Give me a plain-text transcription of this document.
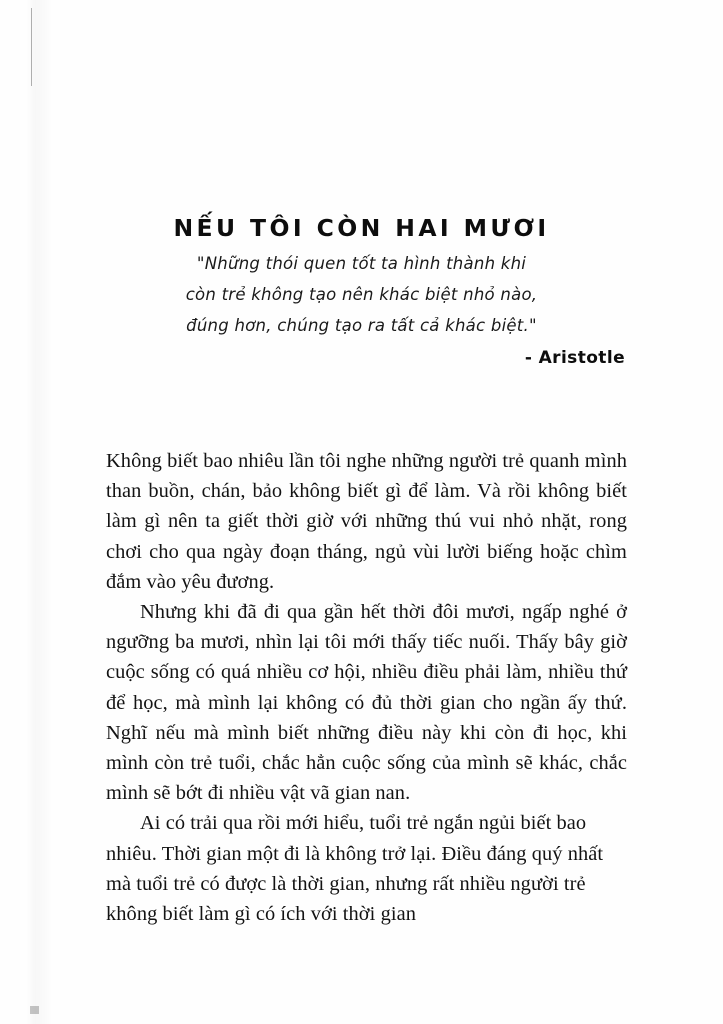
NẾU TÔI CÒN HAI MƯƠI
"Những thói quen tốt ta hình thành khi
còn trẻ không tạo nên khác biệt nhỏ nào,
đúng hơn, chúng tạo ra tất cả khác biệt."
- Aristotle

Không biết bao nhiêu lần tôi nghe những người trẻ quanh mình than buồn, chán, bảo không biết gì để làm. Và rồi không biết làm gì nên ta giết thời giờ với những thú vui nhỏ nhặt, rong chơi cho qua ngày đoạn tháng, ngủ vùi lười biếng hoặc chìm đắm vào yêu đương.

Nhưng khi đã đi qua gần hết thời đôi mươi, ngấp nghé ở ngưỡng ba mươi, nhìn lại tôi mới thấy tiếc nuối. Thấy bây giờ cuộc sống có quá nhiều cơ hội, nhiều điều phải làm, nhiều thứ để học, mà mình lại không có đủ thời gian cho ngần ấy thứ. Nghĩ nếu mà mình biết những điều này khi còn đi học, khi mình còn trẻ tuổi, chắc hẳn cuộc sống của mình sẽ khác, chắc mình sẽ bớt đi nhiều vật vã gian nan.

Ai có trải qua rồi mới hiểu, tuổi trẻ ngắn ngủi biết bao nhiêu. Thời gian một đi là không trở lại. Điều đáng quý nhất mà tuổi trẻ có được là thời gian, nhưng rất nhiều người trẻ không biết làm gì có ích với thời gian
